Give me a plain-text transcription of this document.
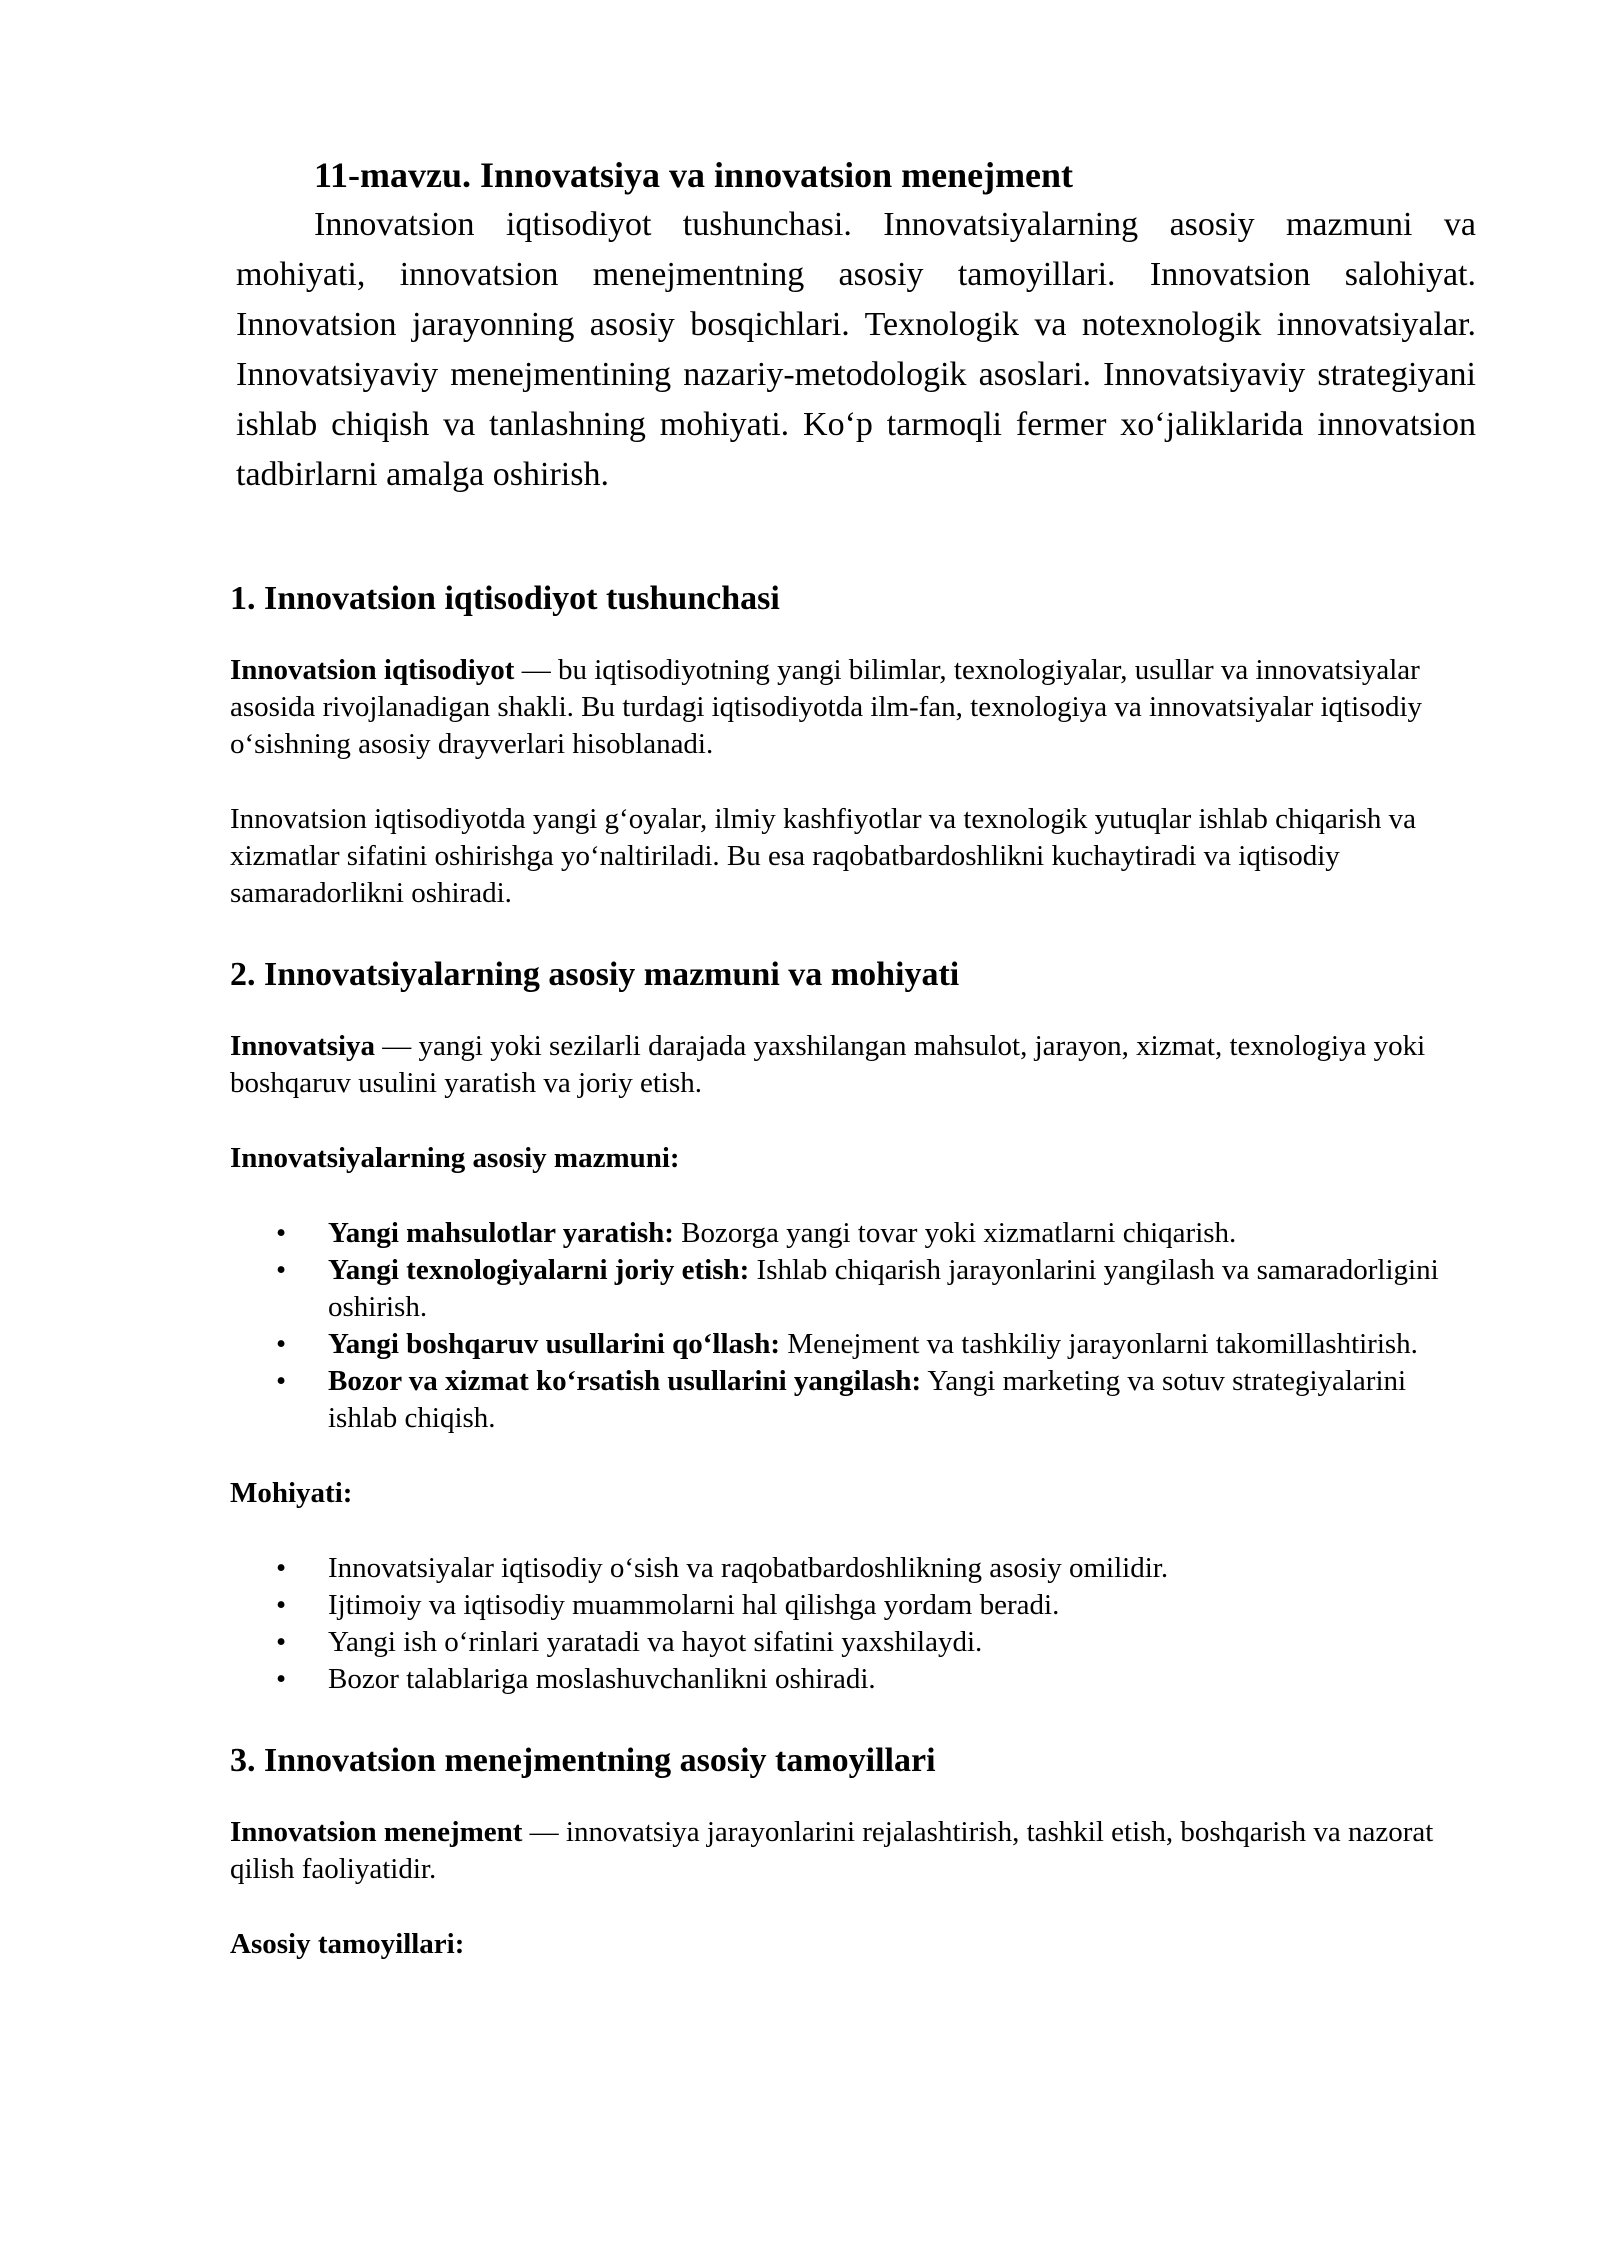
11-mavzu. Innovatsiya va innovatsion menejment

Innovatsion iqtisodiyot tushunchasi. Innovatsiyalarning asosiy mazmuni va mohiyati, innovatsion menejmentning asosiy tamoyillari. Innovatsion salohiyat. Innovatsion jarayonning asosiy bosqichlari. Texnologik va notexnologik innovatsiyalar. Innovatsiyaviy menejmentining nazariy-metodologik asoslari. Innovatsiyaviy strategiyani ishlab chiqish va tanlashning mohiyati. Koʻp tarmoqli fermer xoʻjaliklarida innovatsion tadbirlarni amalga oshirish.

1. Innovatsion iqtisodiyot tushunchasi

Innovatsion iqtisodiyot — bu iqtisodiyotning yangi bilimlar, texnologiyalar, usullar va innovatsiyalar asosida rivojlanadigan shakli. Bu turdagi iqtisodiyotda ilm-fan, texnologiya va innovatsiyalar iqtisodiy oʻsishning asosiy drayverlari hisoblanadi.

Innovatsion iqtisodiyotda yangi gʻoyalar, ilmiy kashfiyotlar va texnologik yutuqlar ishlab chiqarish va xizmatlar sifatini oshirishga yoʻnaltiriladi. Bu esa raqobatbardoshlikni kuchaytiradi va iqtisodiy samaradorlikni oshiradi.

2. Innovatsiyalarning asosiy mazmuni va mohiyati

Innovatsiya — yangi yoki sezilarli darajada yaxshilangan mahsulot, jarayon, xizmat, texnologiya yoki boshqaruv usulini yaratish va joriy etish.

Innovatsiyalarning asosiy mazmuni:

• Yangi mahsulotlar yaratish: Bozorga yangi tovar yoki xizmatlarni chiqarish.
• Yangi texnologiyalarni joriy etish: Ishlab chiqarish jarayonlarini yangilash va samaradorligini oshirish.
• Yangi boshqaruv usullarini qoʻllash: Menejment va tashkiliy jarayonlarni takomillashtirish.
• Bozor va xizmat koʻrsatish usullarini yangilash: Yangi marketing va sotuv strategiyalarini ishlab chiqish.

Mohiyati:

• Innovatsiyalar iqtisodiy oʻsish va raqobatbardoshlikning asosiy omilidir.
• Ijtimoiy va iqtisodiy muammolarni hal qilishga yordam beradi.
• Yangi ish oʻrinlari yaratadi va hayot sifatini yaxshilaydi.
• Bozor talablariga moslashuvchanlikni oshiradi.
3. Innovatsion menejmentning asosiy tamoyillari

Innovatsion menejment — innovatsiya jarayonlarini rejalashtirish, tashkil etish, boshqarish va nazorat qilish faoliyatidir.

Asosiy tamoyillari:
